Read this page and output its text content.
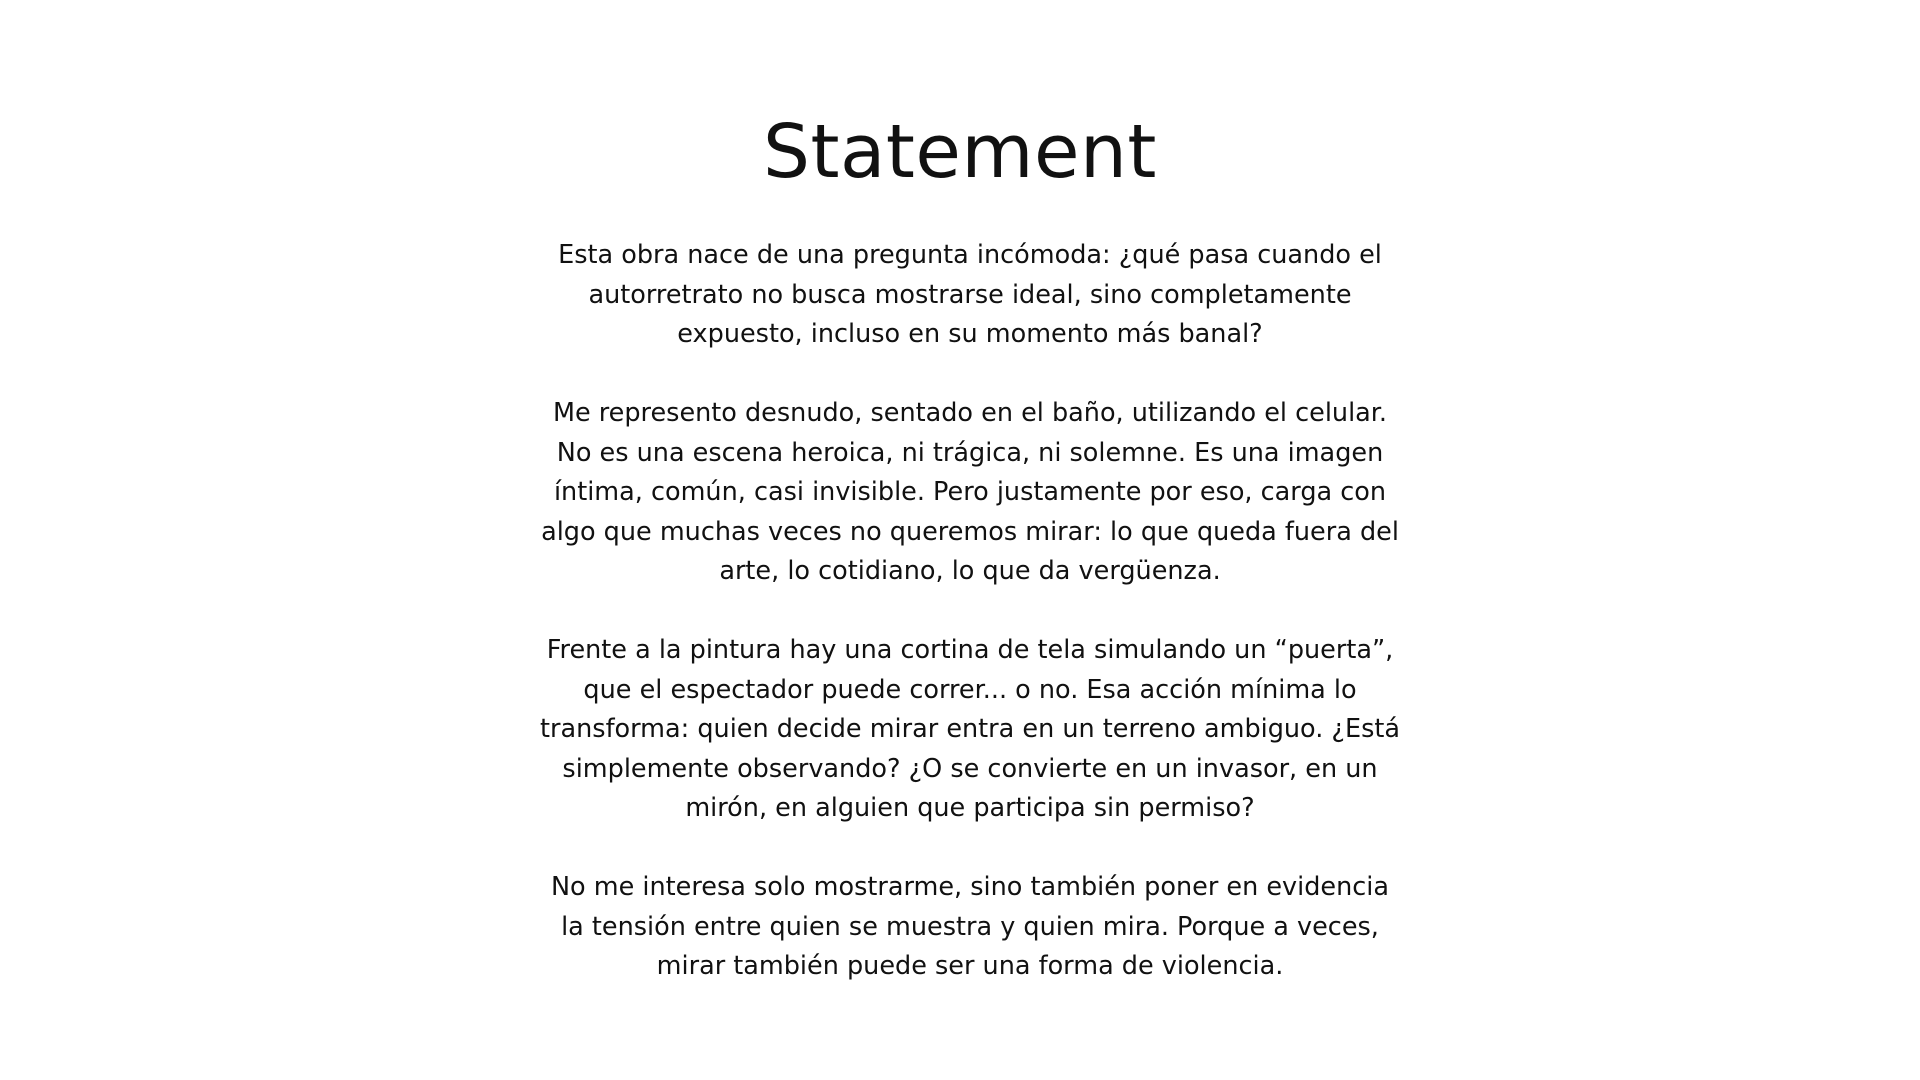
Statement

Esta obra nace de una pregunta incómoda: ¿qué pasa cuando el autorretrato no busca mostrarse ideal, sino completamente expuesto, incluso en su momento más banal?

Me represento desnudo, sentado en el baño, utilizando el celular. No es una escena heroica, ni trágica, ni solemne. Es una imagen íntima, común, casi invisible. Pero justamente por eso, carga con algo que muchas veces no queremos mirar: lo que queda fuera del arte, lo cotidiano, lo que da vergüenza.

Frente a la pintura hay una cortina de tela simulando un “puerta”, que el espectador puede correr... o no. Esa acción mínima lo transforma: quien decide mirar entra en un terreno ambiguo. ¿Está simplemente observando? ¿O se convierte en un invasor, en un mirón, en alguien que participa sin permiso?

No me interesa solo mostrarme, sino también poner en evidencia la tensión entre quien se muestra y quien mira. Porque a veces, mirar también puede ser una forma de violencia.
